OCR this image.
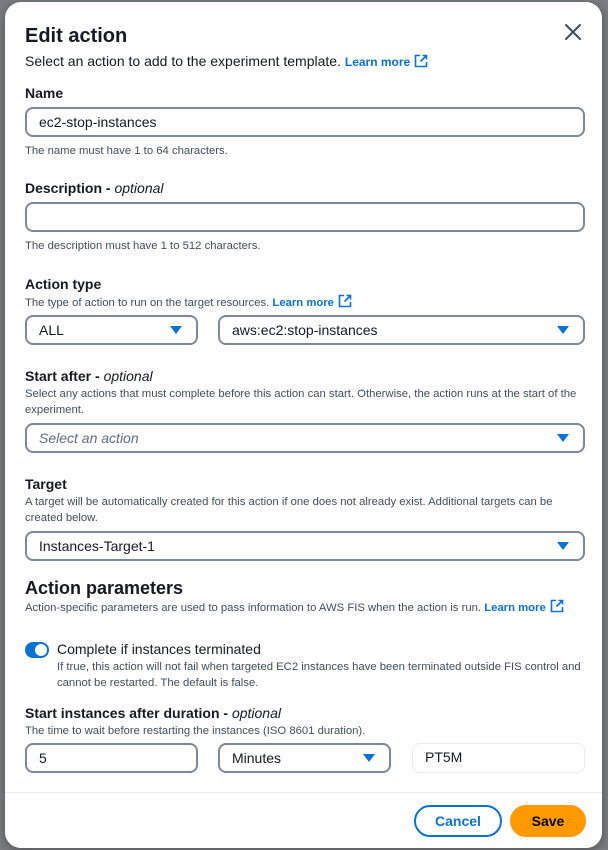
Edit action
Select an action to add to the experiment template. Learn more
Name
ec2-stop-instances
The name must have 1 to 64 characters.
Description - optional
The description must have 1 to 512 characters.
Action type
The type of action to run on the target resources. Learn more
ALL	aws:ec2:stop-instances
Start after - optional
Select any actions that must complete before this action can start. Otherwise, the action runs at the start of the experiment.
Select an action
Target
A target will be automatically created for this action if one does not already exist. Additional targets can be created below.
Instances-Target-1
Action parameters
Action-specific parameters are used to pass information to AWS FIS when the action is run. Learn more
Complete if instances terminated
If true, this action will not fail when targeted EC2 instances have been terminated outside FIS control and cannot be restarted. The default is false.
Start instances after duration - optional
The time to wait before restarting the instances (ISO 8601 duration).
5	Minutes	PT5M
Cancel	Save
